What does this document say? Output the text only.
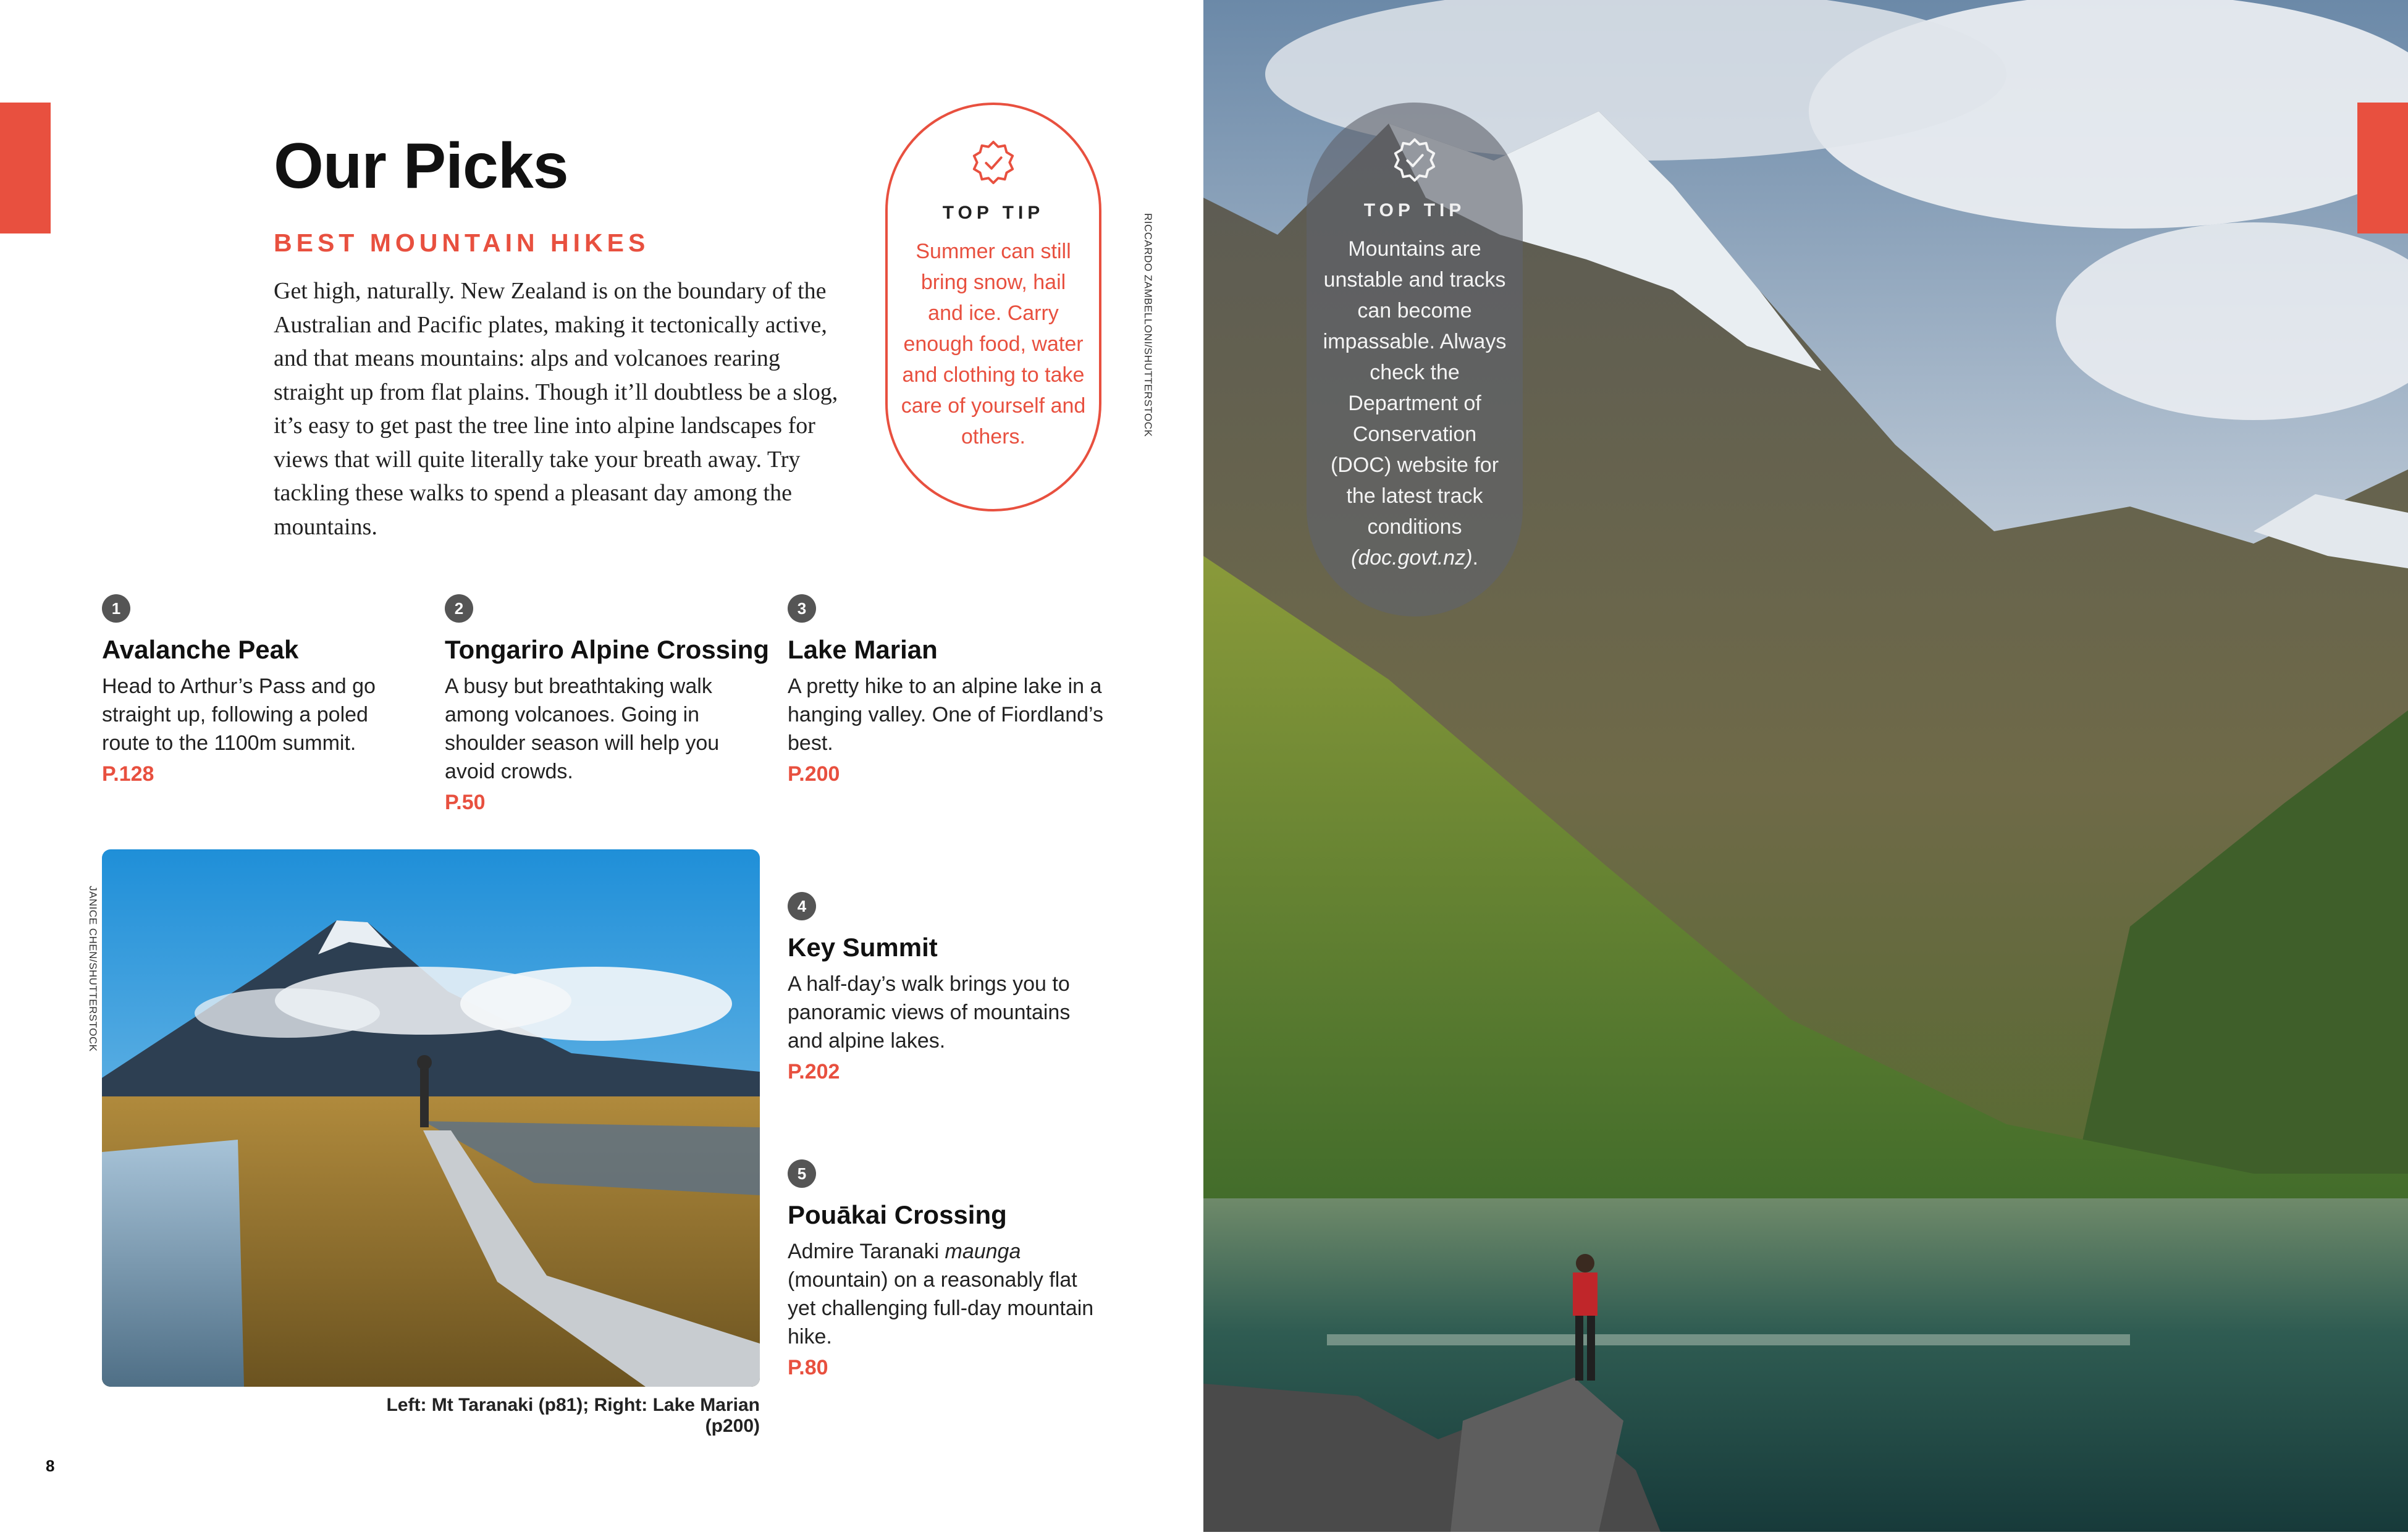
Our Picks
BEST MOUNTAIN HIKES
Get high, naturally. New Zealand is on the boundary of the Australian and Pacific plates, making it tectonically active, and that means mountains: alps and volcanoes rearing straight up from flat plains. Though it’ll doubtless be a slog, it’s easy to get past the tree line into alpine landscapes for views that will quite literally take your breath away. Try tackling these walks to spend a pleasant day among the mountains.
TOP TIP
Summer can still bring snow, hail and ice. Carry enough food, water and clothing to take care of yourself and others.	RICCARDO ZAMBELLONI/SHUTTERSTOCK
JANICE CHEN/SHUTTERSTOCK
1
Avalanche Peak
Head to Arthur’s Pass and go straight up, following a poled route to the 1100m summit.
P.128
2
Tongariro Alpine Crossing
A busy but breathtaking walk among volcanoes. Going in shoulder season will help you avoid crowds.
P.50
3
Lake Marian
A pretty hike to an alpine lake in a hanging valley. One of Fiordland’s best.
P.200
4
Key Summit
A half-day’s walk brings you to panoramic views of mountains and alpine lakes.
P.202
5
Pouākai Crossing
Admire Taranaki maunga (mountain) on a reasonably flat yet challenging full-day mountain hike.
P.80
Left: Mt Taranaki (p81); Right: Lake Marian (p200)
8
TOP TIP
Mountains are unstable and tracks can become impassable. Always check the Department of Conservation (DOC) website for the latest track conditions (doc.govt.nz).
